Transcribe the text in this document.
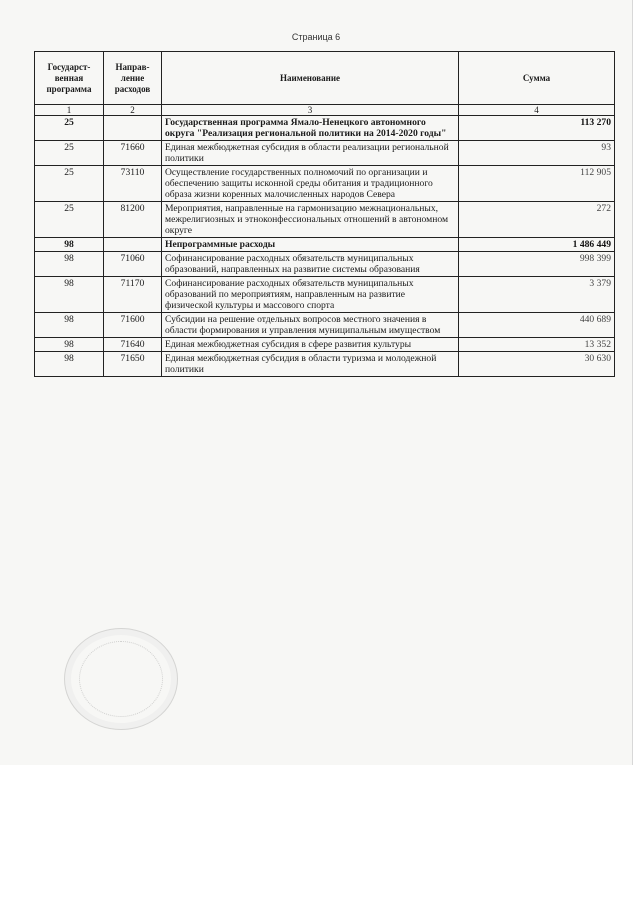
Страница 6
Государст-венная программа	Направ-ление расходов	Наименование	Сумма
1	2	3	4
25		Государственная программа Ямало-Ненецкого автономного округа "Реализация региональной политики на 2014-2020 годы"	113 270
25	71660	Единая межбюджетная субсидия в области реализации региональной политики	93
25	73110	Осуществление государственных полномочий по организации и обеспечению защиты исконной среды обитания и традиционного образа жизни коренных малочисленных народов Севера	112 905
25	81200	Мероприятия, направленные на гармонизацию межнациональных, межрелигиозных и этноконфессиональных отношений в автономном округе	272
98		Непрограммные расходы	1 486 449
98	71060	Софинансирование расходных обязательств муниципальных образований, направленных на развитие системы образования	998 399
98	71170	Софинансирование расходных обязательств муниципальных образований по мероприятиям, направленным на развитие физической культуры и массового спорта	3 379
98	71600	Субсидии на решение отдельных вопросов местного значения в области формирования и управления муниципальным имуществом	440 689
98	71640	Единая межбюджетная субсидия в сфере развития культуры	13 352
98	71650	Единая межбюджетная субсидия в области туризма и молодежной политики	30 630
